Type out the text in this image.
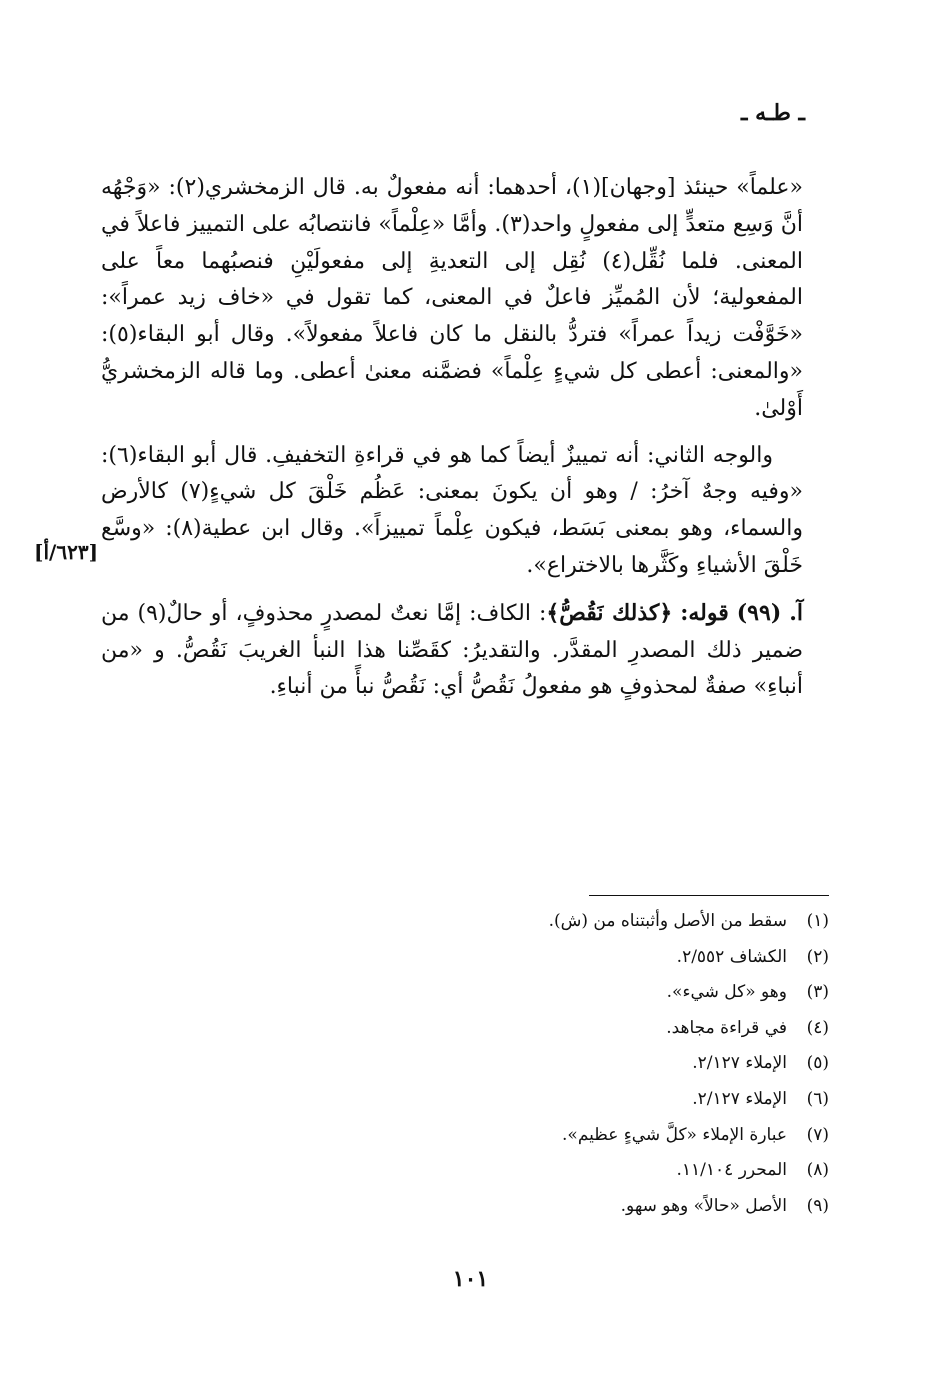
ـ طـه ـ

«علماً» حينئذ [وجهان](١)، أحدهما: أنه مفعولٌ به. قال الزمخشري(٢): «وَجْهُه أنَّ وَسِع متعدٍّ إلى مفعولٍ واحد(٣). وأمَّا «عِلْماً» فانتصابُه على التمييز فاعلاً في المعنى. فلما نُقِّل(٤) نُقِل إلى التعديةِ إلى مفعولَيْنِ فنصبُهما معاً على المفعولية؛ لأن المُميِّز فاعلٌ في المعنى، كما تقول في «خاف زيد عمراً»: «خَوَّفْت زيداً عمراً» فتردُّ بالنقل ما كان فاعلاً مفعولاً». وقال أبو البقاء(٥): «والمعنى: أعطى كل شيءٍ عِلْماً» فضمَّنه معنىٰ أعطى. وما قاله الزمخشريُّ أَوْلىٰ.

والوجه الثاني: أنه تمييزٌ أيضاً كما هو في قراءةِ التخفيفِ. قال أبو البقاء(٦): «وفيه وجهٌ آخرُ: / وهو أن يكونَ بمعنى: عَظُم خَلْقَ كل شيءٍ(٧) كالأرض والسماء، وهو بمعنى بَسَط، فيكون عِلْماً تمييزاً». وقال ابن عطية(٨): «وسَّع خَلْقَ الأشياءِ وكَثَّرها بالاختراع».

آ. (٩٩) قوله: ﴿كذلك نَقُصُّ﴾: الكاف: إمَّا نعتٌ لمصدرٍ محذوفٍ، أو حالٌ(٩) من ضمير ذلك المصدرِ المقدَّر. والتقديرُ: كقَصِّنا هذا النبأ الغريبَ نَقُصُّ. و «من أنباءِ» صفةٌ لمحذوفٍ هو مفعولُ نَقُصُّ أي: نَقُصُّ نبأً من أنباءِ.

[٦٢٣/أ]
(١)
سقط من الأصل وأثبتناه من (ش).
(٢)
الكشاف ٢/٥٥٢.
(٣)
وهو «كل شيء».
(٤)
في قراءة مجاهد.
(٥)
الإملاء ٢/١٢٧.
(٦)
الإملاء ٢/١٢٧.
(٧)
عبارة الإملاء «كلَّ شيءٍ عظيم».
(٨)
المحرر ١١/١٠٤.
(٩)
الأصل «حالاً» وهو سهو.
١٠١
